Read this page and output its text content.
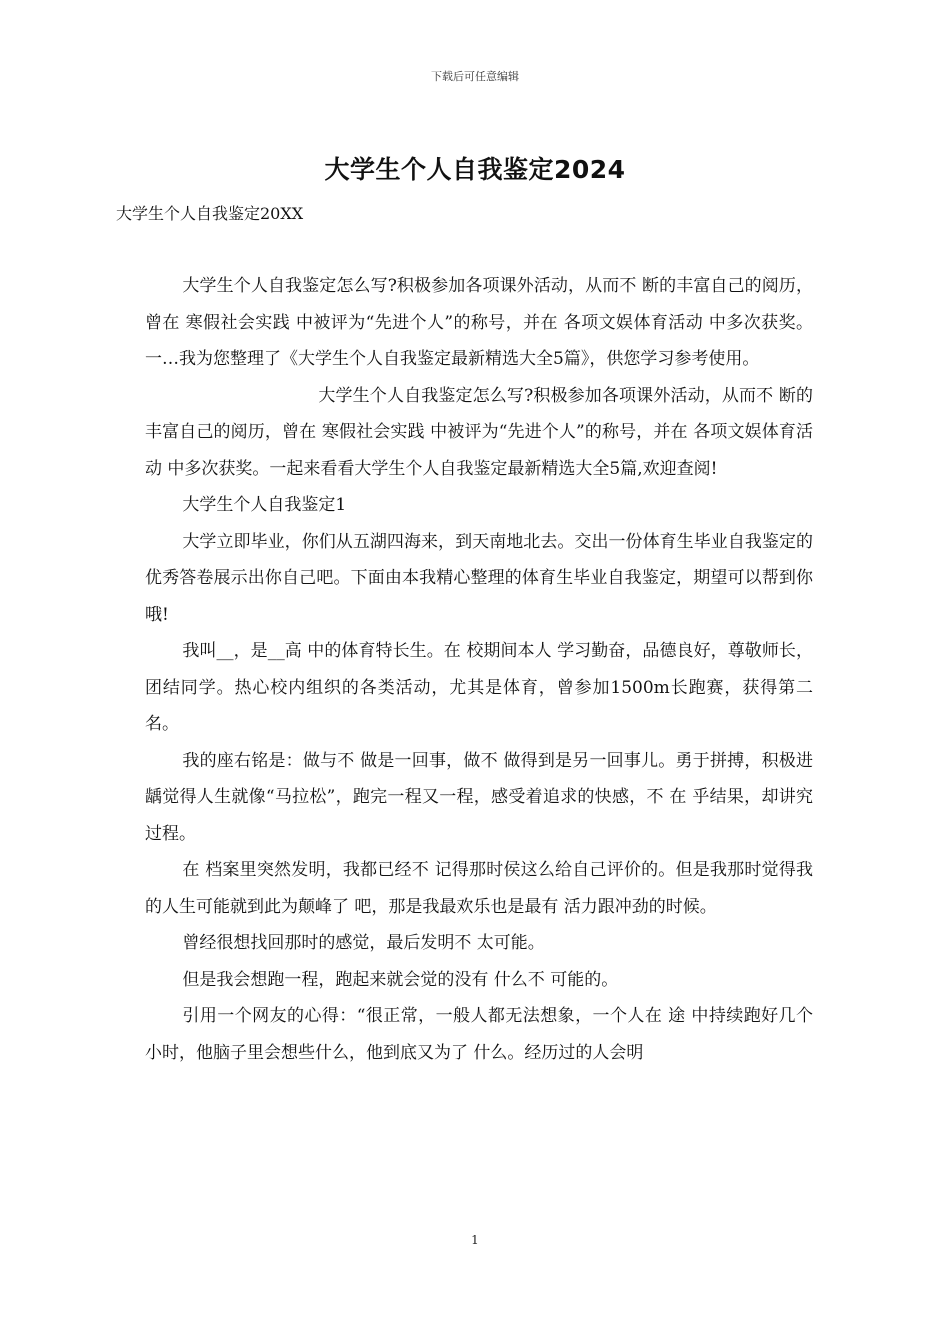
下载后可任意编辑
大学生个人自我鉴定2024
大学生个人自我鉴定20XX

大学生个人自我鉴定怎么写?积极参加各项课外活动，从而不 断的丰富自己的阅历，曾在 寒假社会实践 中被评为“先进个人”的称号，并在 各项文娱体育活动 中多次获奖。一…我为您整理了《大学生个人自我鉴定最新精选大全5篇》，供您学习参考使用。

大学生个人自我鉴定怎么写?积极参加各项课外活动，从而不 断的丰富自己的阅历，曾在 寒假社会实践 中被评为“先进个人”的称号，并在 各项文娱体育活动 中多次获奖。一起来看看大学生个人自我鉴定最新精选大全5篇,欢迎查阅!

大学生个人自我鉴定1

大学立即毕业，你们从五湖四海来，到天南地北去。交出一份体育生毕业自我鉴定的优秀答卷展示出你自己吧。下面由本我精心整理的体育生毕业自我鉴定，期望可以帮到你哦!

我叫__，是__高 中的体育特长生。在 校期间本人 学习勤奋，品德良好，尊敬师长，团结同学。热心校内组织的各类活动，尤其是体育，曾参加1500m长跑赛，获得第二名。

我的座右铭是：做与不 做是一回事，做不 做得到是另一回事儿。勇于拼搏，积极进龋觉得人生就像“马拉松”，跑完一程又一程，感受着追求的快感，不 在 乎结果，却讲究过程。

在 档案里突然发明，我都已经不 记得那时侯这么给自己评价的。但是我那时觉得我的人生可能就到此为颠峰了 吧，那是我最欢乐也是最有 活力跟冲劲的时候。

曾经很想找回那时的感觉，最后发明不 太可能。

但是我会想跑一程，跑起来就会觉的没有 什么不 可能的。

引用一个网友的心得：“很正常，一般人都无法想象，一个人在 途 中持续跑好几个小时，他脑子里会想些什么，他到底又为了 什么。经历过的人会明

1
